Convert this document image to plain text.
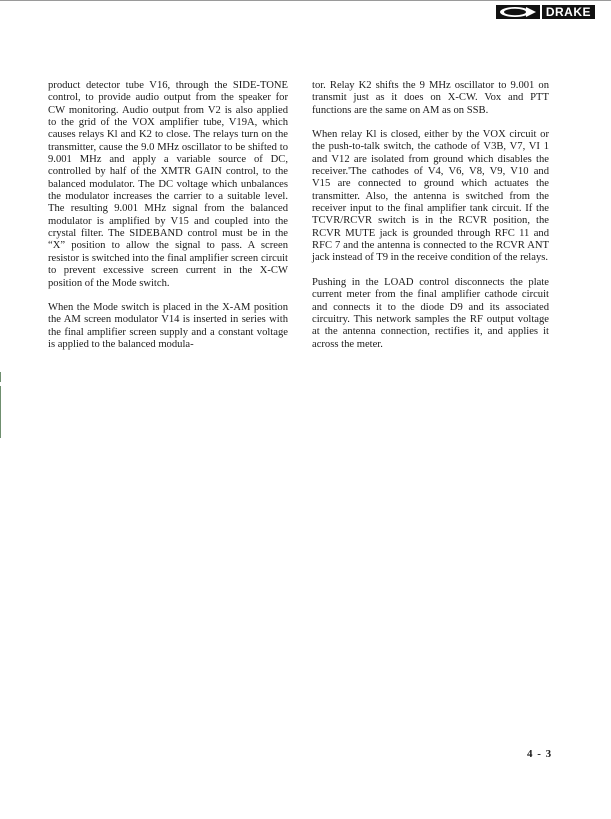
DRAKE

product detector tube V16, through the SIDE-TONE control, to provide audio output from the speaker for CW monitoring. Audio output from V2 is also applied to the grid of the VOX amplifier tube, V19A, which causes relays Kl and K2 to close. The relays turn on the transmitter, cause the 9.0 MHz oscillator to be shifted to 9.001 MHz and apply a variable source of DC, controlled by half of the XMTR GAIN control, to the balanced modulator. The DC voltage which unbalances the modulator increases the carrier to a suitable level. The resulting 9.001 MHz signal from the balanced modulator is amplified by V15 and coupled into the crystal filter. The SIDEBAND control must be in the “X” position to allow the signal to pass. A screen resistor is switched into the final amplifier screen circuit to prevent excessive screen current in the X-CW position of the Mode switch.

When the Mode switch is placed in the X-AM position the AM screen modulator V14 is inserted in series with the final amplifier screen supply and a constant voltage is applied to the balanced modula-

tor. Relay K2 shifts the 9 MHz oscillator to 9.001 on transmit just as it does on X-CW. Vox and PTT functions are the same on AM as on SSB.

When relay Kl is closed, either by the VOX circuit or the push-to-talk switch, the cathode of V3B, V7, VI 1 and V12 are isolated from ground which disables the receiver.'The cathodes of V4, V6, V8, V9, V10 and V15 are connected to ground which actuates the transmitter. Also, the antenna is switched from the receiver input to the final amplifier tank circuit. If the TCVR/RCVR switch is in the RCVR position, the RCVR MUTE jack is grounded through RFC 11 and RFC 7 and the antenna is connected to the RCVR ANT jack instead of T9 in the receive condition of the relays.

Pushing in the LOAD control disconnects the plate current meter from the final amplifier cathode circuit and connects it to the diode D9 and its associated circuitry. This network samples the RF output voltage at the antenna connection, rectifies it, and applies it across the meter.

4 - 3
